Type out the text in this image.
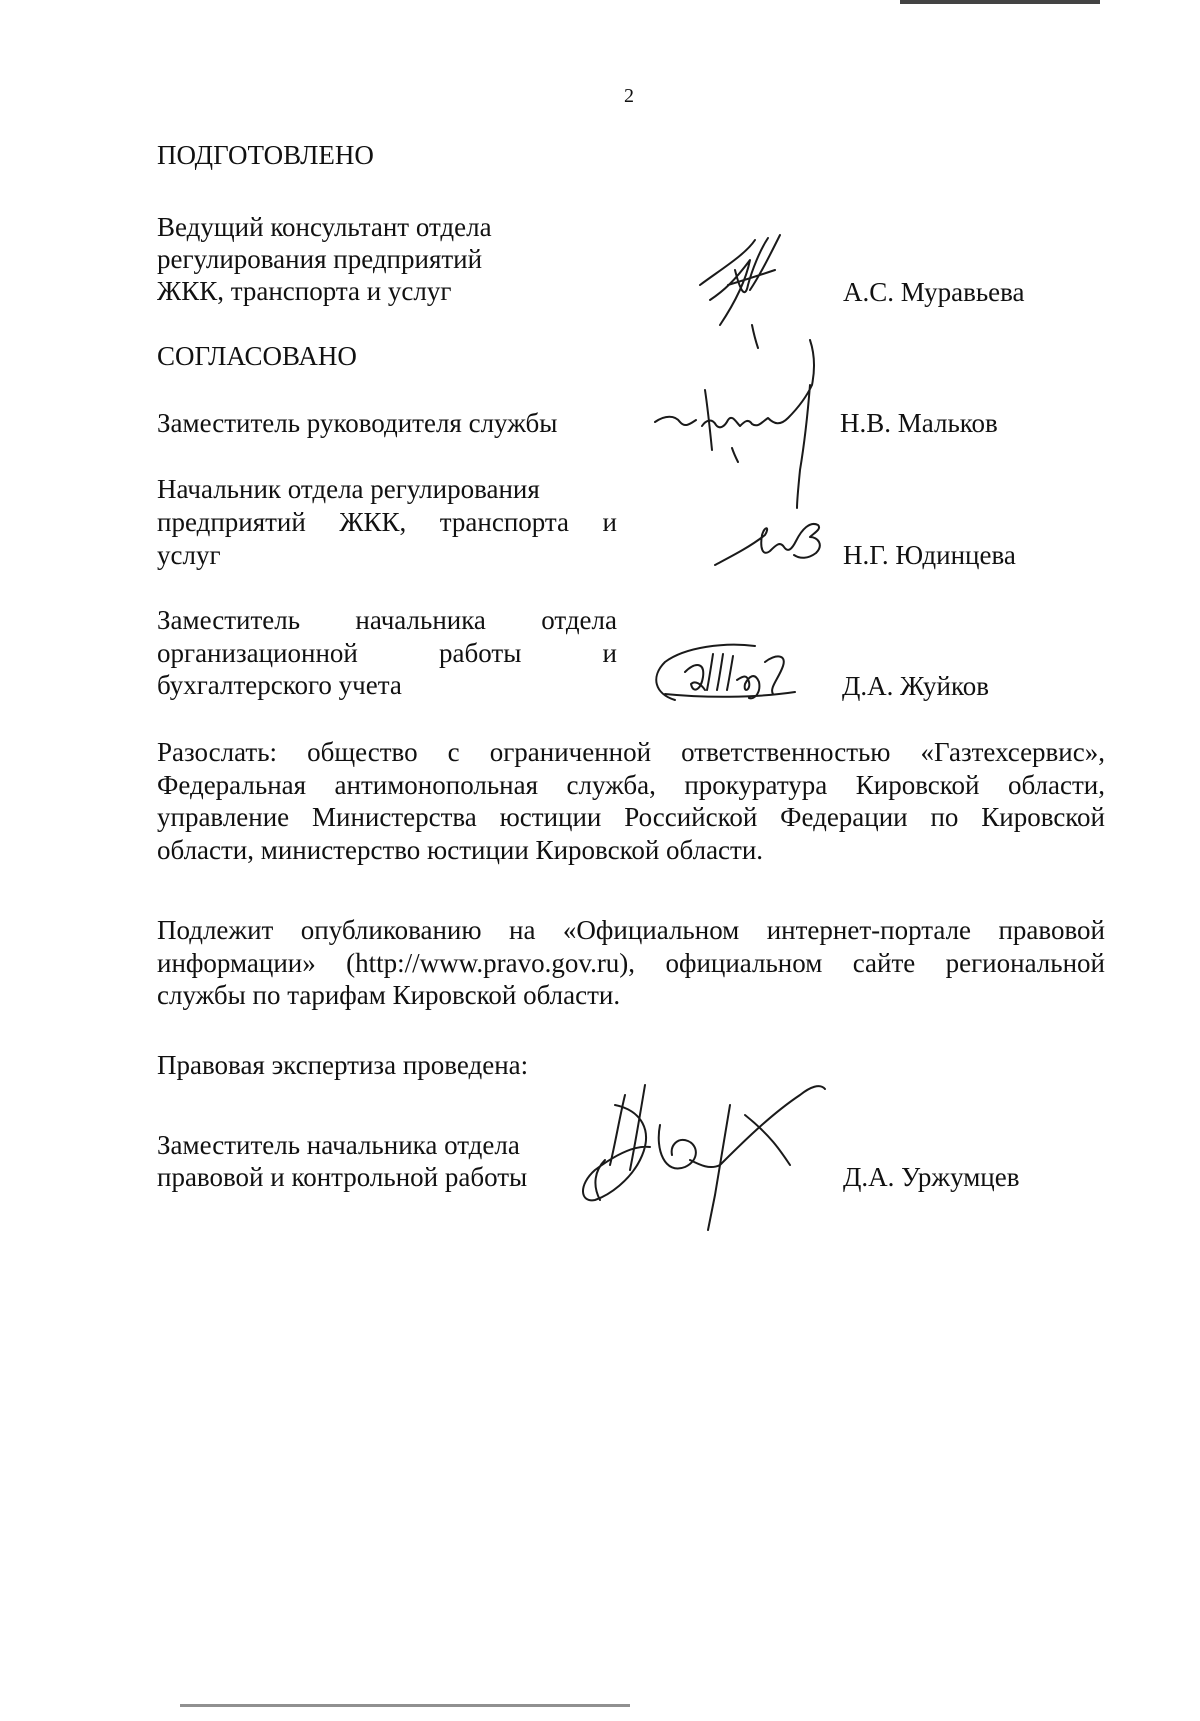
2
ПОДГОТОВЛЕНО
Ведущий консультант отдела
регулирования предприятий
ЖКК, транспорта и услуг	А.С. Муравьева
СОГЛАСОВАНО
Заместитель руководителя службы	Н.В. Мальков
Начальник отдела регулирования
предприятий ЖКК, транспорта и
услуг	Н.Г. Юдинцева
Заместитель начальника отдела
организационной работы и
бухгалтерского учета	Д.А. Жуйков
Разослать: общество с ограниченной ответственностью «Газтехсервис», Федеральная антимонопольная служба, прокуратура Кировской области, управление Министерства юстиции Российской Федерации по Кировской области, министерство юстиции Кировской области.
Подлежит опубликованию на «Официальном интернет-портале правовой информации» (http://www.pravo.gov.ru), официальном сайте региональной службы по тарифам Кировской области.
Правовая экспертиза проведена:
Заместитель начальника отдела
правовой и контрольной работы	Д.А. Уржумцев
